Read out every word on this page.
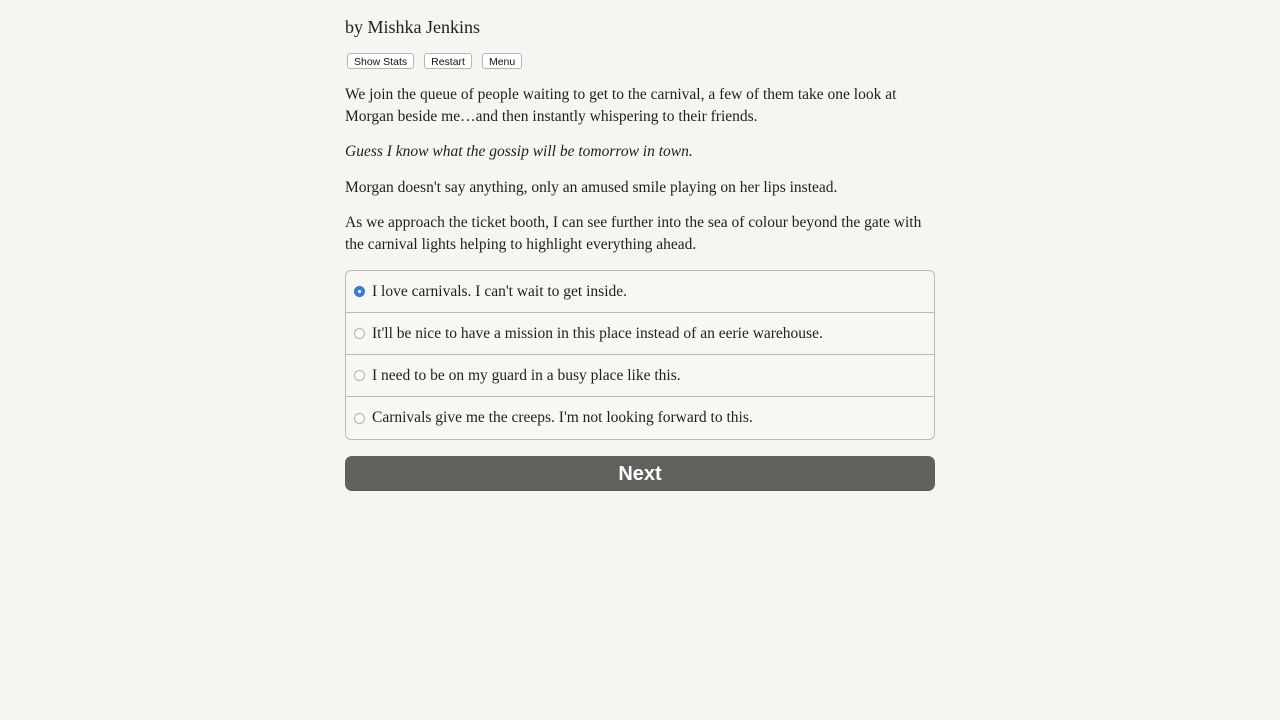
by Mishka Jenkins
Show Stats	Restart	Menu

We join the queue of people waiting to get to the carnival, a few of them take one look at Morgan beside me…and then instantly whispering to their friends.

Guess I know what the gossip will be tomorrow in town.

Morgan doesn't say anything, only an amused smile playing on her lips instead.

As we approach the ticket booth, I can see further into the sea of colour beyond the gate with the carnival lights helping to highlight everything ahead.

I love carnivals. I can't wait to get inside.
It'll be nice to have a mission in this place instead of an eerie warehouse.
I need to be on my guard in a busy place like this.
Carnivals give me the creeps. I'm not looking forward to this.
Next
